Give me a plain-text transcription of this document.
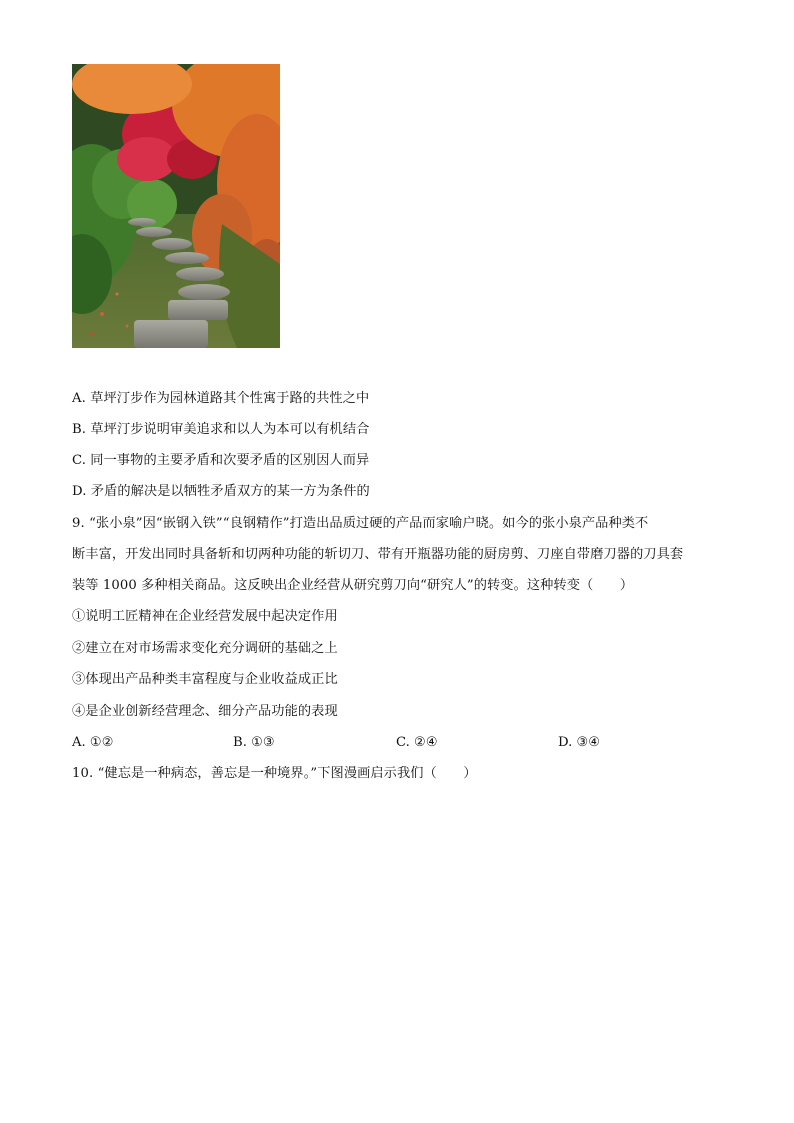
A. 草坪汀步作为园林道路其个性寓于路的共性之中
B. 草坪汀步说明审美追求和以人为本可以有机结合
C. 同一事物的主要矛盾和次要矛盾的区别因人而异
D. 矛盾的解决是以牺牲矛盾双方的某一方为条件的
9. “张小泉”因“嵌钢入铁”“良钢精作”打造出品质过硬的产品而家喻户晓。如今的张小泉产品种类不
断丰富，开发出同时具备斩和切两种功能的斩切刀、带有开瓶器功能的厨房剪、刀座自带磨刀器的刀具套
装等 1000 多种相关商品。这反映出企业经营从研究剪刀向“研究人”的转变。这种转变（　　）
①说明工匠精神在企业经营发展中起决定作用
②建立在对市场需求变化充分调研的基础之上
③体现出产品种类丰富程度与企业收益成正比
④是企业创新经营理念、细分产品功能的表现
A. ①②	B. ①③	C. ②④	D. ③④
10. “健忘是一种病态，善忘是一种境界。”下图漫画启示我们（　　）
